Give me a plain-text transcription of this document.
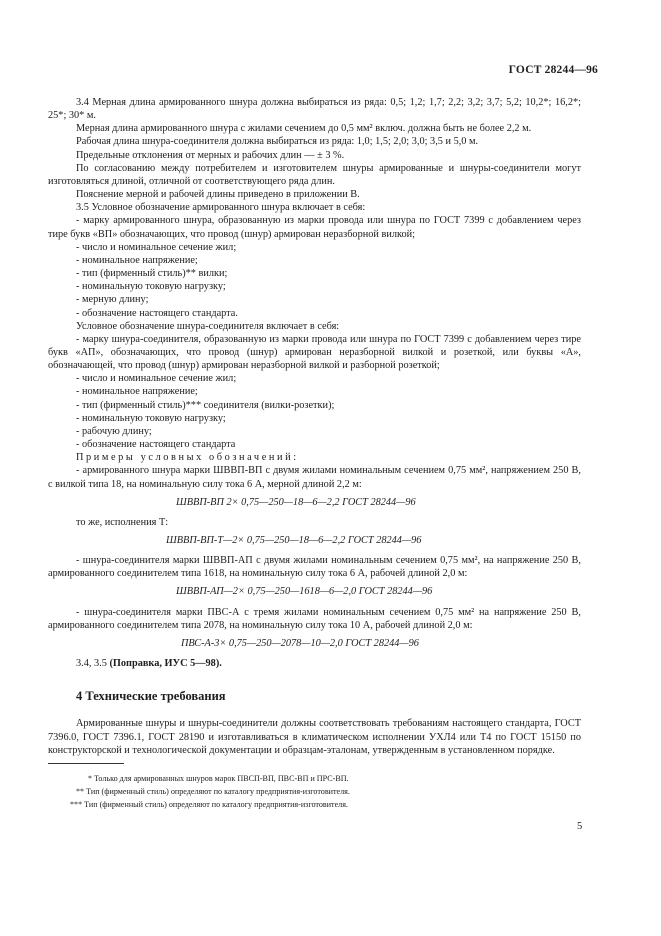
ГОСТ 28244—96

3.4 Мерная длина армированного шнура должна выбираться из ряда: 0,5; 1,2; 1,7; 2,2; 3,2; 3,7; 5,2; 10,2*; 16,2*; 25*; 30* м.

Мерная длина армированного шнура с жилами сечением до 0,5 мм² включ. должна быть не более 2,2 м.

Рабочая длина шнура-соединителя должна выбираться из ряда: 1,0; 1,5; 2,0; 3,0; 3,5 и 5,0 м.

Предельные отклонения от мерных и рабочих длин — ± 3 %.

По согласованию между потребителем и изготовителем шнуры армированные и шнуры-соединители могут изготовляться длиной, отличной от соответствующего ряда длин.

Пояснение мерной и рабочей длины приведено в приложении В.

3.5 Условное обозначение армированного шнура включает в себя:

- марку армированного шнура, образованную из марки провода или шнура по ГОСТ 7399 с добавлением через тире букв «ВП» обозначающих, что провод (шнур) армирован неразборной вилкой;

- число и номинальное сечение жил;

- номинальное напряжение;

- тип (фирменный стиль)** вилки;

- номинальную токовую нагрузку;

- мерную длину;

- обозначение настоящего стандарта.

Условное обозначение шнура-соединителя включает в себя:

- марку шнура-соединителя, образованную из марки провода или шнура по ГОСТ 7399 с добавлением через тире букв «АП», обозначающих, что провод (шнур) армирован неразборной вилкой и розеткой, или буквы «А», обозначающей, что провод (шнур) армирован неразборной вилкой и разборной розеткой;

- число и номинальное сечение жил;

- номинальное напряжение;

- тип (фирменный стиль)*** соединителя (вилки-розетки);

- номинальную токовую нагрузку;

- рабочую длину;

- обозначение настоящего стандарта

Примеры условных обозначений:

- армированного шнура марки ШВВП-ВП с двумя жилами номинальным сечением 0,75 мм², напряжением 250 В, с вилкой типа 18, на номинальную силу тока 6 А, мерной длиной 2,2 м:

ШВВП-ВП 2× 0,75—250—18—6—2,2 ГОСТ 28244—96

то же, исполнения Т:

ШВВП-ВП-Т—2× 0,75—250—18—6—2,2 ГОСТ 28244—96

- шнура-соединителя марки ШВВП-АП с двумя жилами номинальным сечением 0,75 мм², на напряжение 250 В, армированного соединителем типа 1618, на номинальную силу тока 6 А, рабочей длиной 2,0 м:

ШВВП-АП—2× 0,75—250—1618—6—2,0 ГОСТ 28244—96

- шнура-соединителя марки ПВС-А с тремя жилами номинальным сечением 0,75 мм² на напряжение 250 В, армированного соединителем типа 2078, на номинальную силу тока 10 А, рабочей длиной 2,0 м:

ПВС-А-3× 0,75—250—2078—10—2,0 ГОСТ 28244—96

3.4, 3.5 (Поправка, ИУС 5—98).

4 Технические требования

Армированные шнуры и шнуры-соединители должны соответствовать требованиям настоящего стандарта, ГОСТ 7396.0, ГОСТ 7396.1, ГОСТ 28190 и изготавливаться в климатическом исполнении УХЛ4 или Т4 по ГОСТ 15150 по конструкторской и технологической документации и образцам-эталонам, утвержденным в установленном порядке.

* Только для армированных шнуров марок ПВСП-ВП, ПВС-ВП и ПРС-ВП.

** Тип (фирменный стиль) определяют по каталогу предприятия-изготовителя.

*** Тип (фирменный стиль) определяют по каталогу предприятия-изготовителя.

5
